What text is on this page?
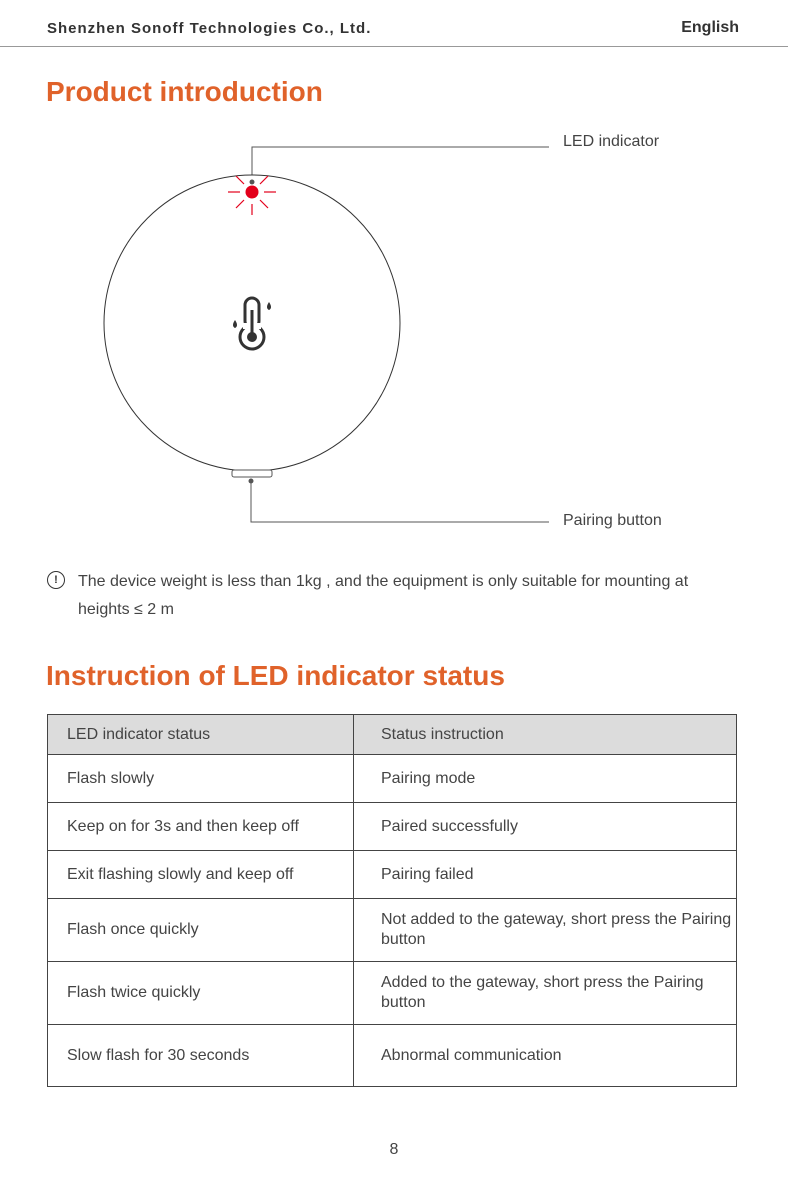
Shenzhen Sonoff Technologies Co., Ltd.	English
Product introduction
LED indicator
Pairing button
!	The device weight is less than 1kg , and the equipment is only suitable for mounting at heights ≤ 2 m
Instruction of LED indicator status
LED indicator status	Status instruction
Flash slowly	Pairing mode
Keep on for 3s and then keep off	Paired successfully
Exit flashing slowly and keep off	Pairing failed
Flash once quickly	Not added to the gateway, short press the Pairing button
Flash twice quickly	Added to the gateway, short press the Pairing button
Slow flash for 30 seconds	Abnormal communication
8
